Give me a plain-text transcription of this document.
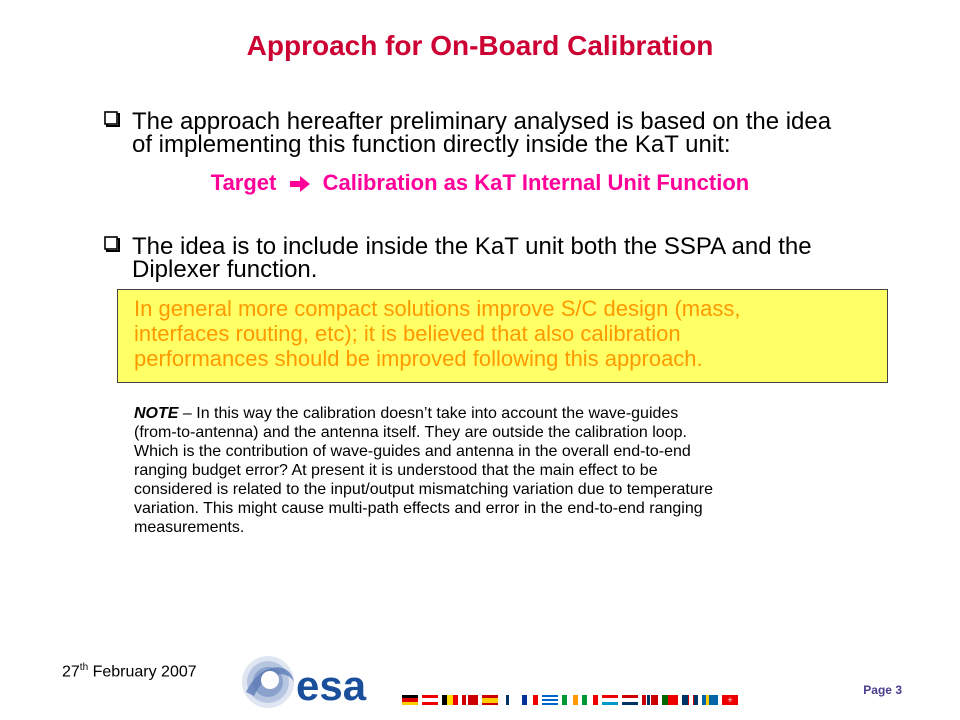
Approach for On-Board Calibration
The approach hereafter preliminary analysed is based on the idea
of implementing this function directly inside the KaT unit:
Target Calibration as KaT Internal Unit Function
The idea is to include inside the KaT unit both the SSPA and the
Diplexer function.
In general more compact solutions improve S/C design (mass,
interfaces routing, etc); it is believed that also calibration
performances should be improved following this approach.
NOTE – In this way the calibration doesn’t take into account the wave-guides
(from-to-antenna) and the antenna itself. They are outside the calibration loop.
Which is the contribution of wave-guides and antenna in the overall end-to-end
ranging budget error? At present it is understood that the main effect to be
considered is related to the input/output mismatching variation due to temperature
variation. This might cause multi-path effects and error in the end-to-end ranging
measurements.
27th February 2007 esa	+
Page 3
